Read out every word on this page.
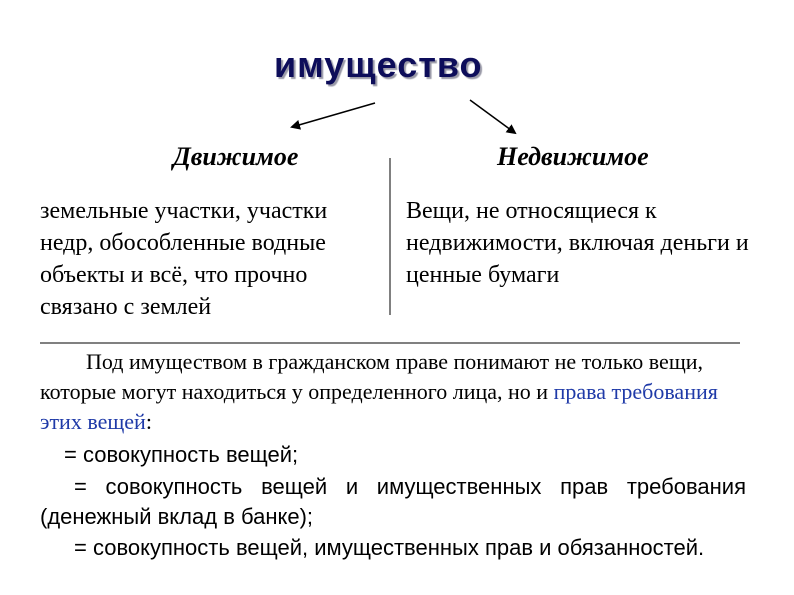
имущество
Движимое	Недвижимое
земельные участки, участки недр, обособленные водные объекты и всё, что прочно связано с землей
Вещи, не относящиеся к недвижимости, включая деньги и ценные бумаги
Под имуществом в гражданском праве понимают не только вещи, которые могут находиться у определенного лица, но и права требования этих вещей:
= совокупность вещей;
= совокупность вещей и имущественных прав требования (денежный вклад в банке);
= совокупность вещей, имущественных прав и обязанностей.
